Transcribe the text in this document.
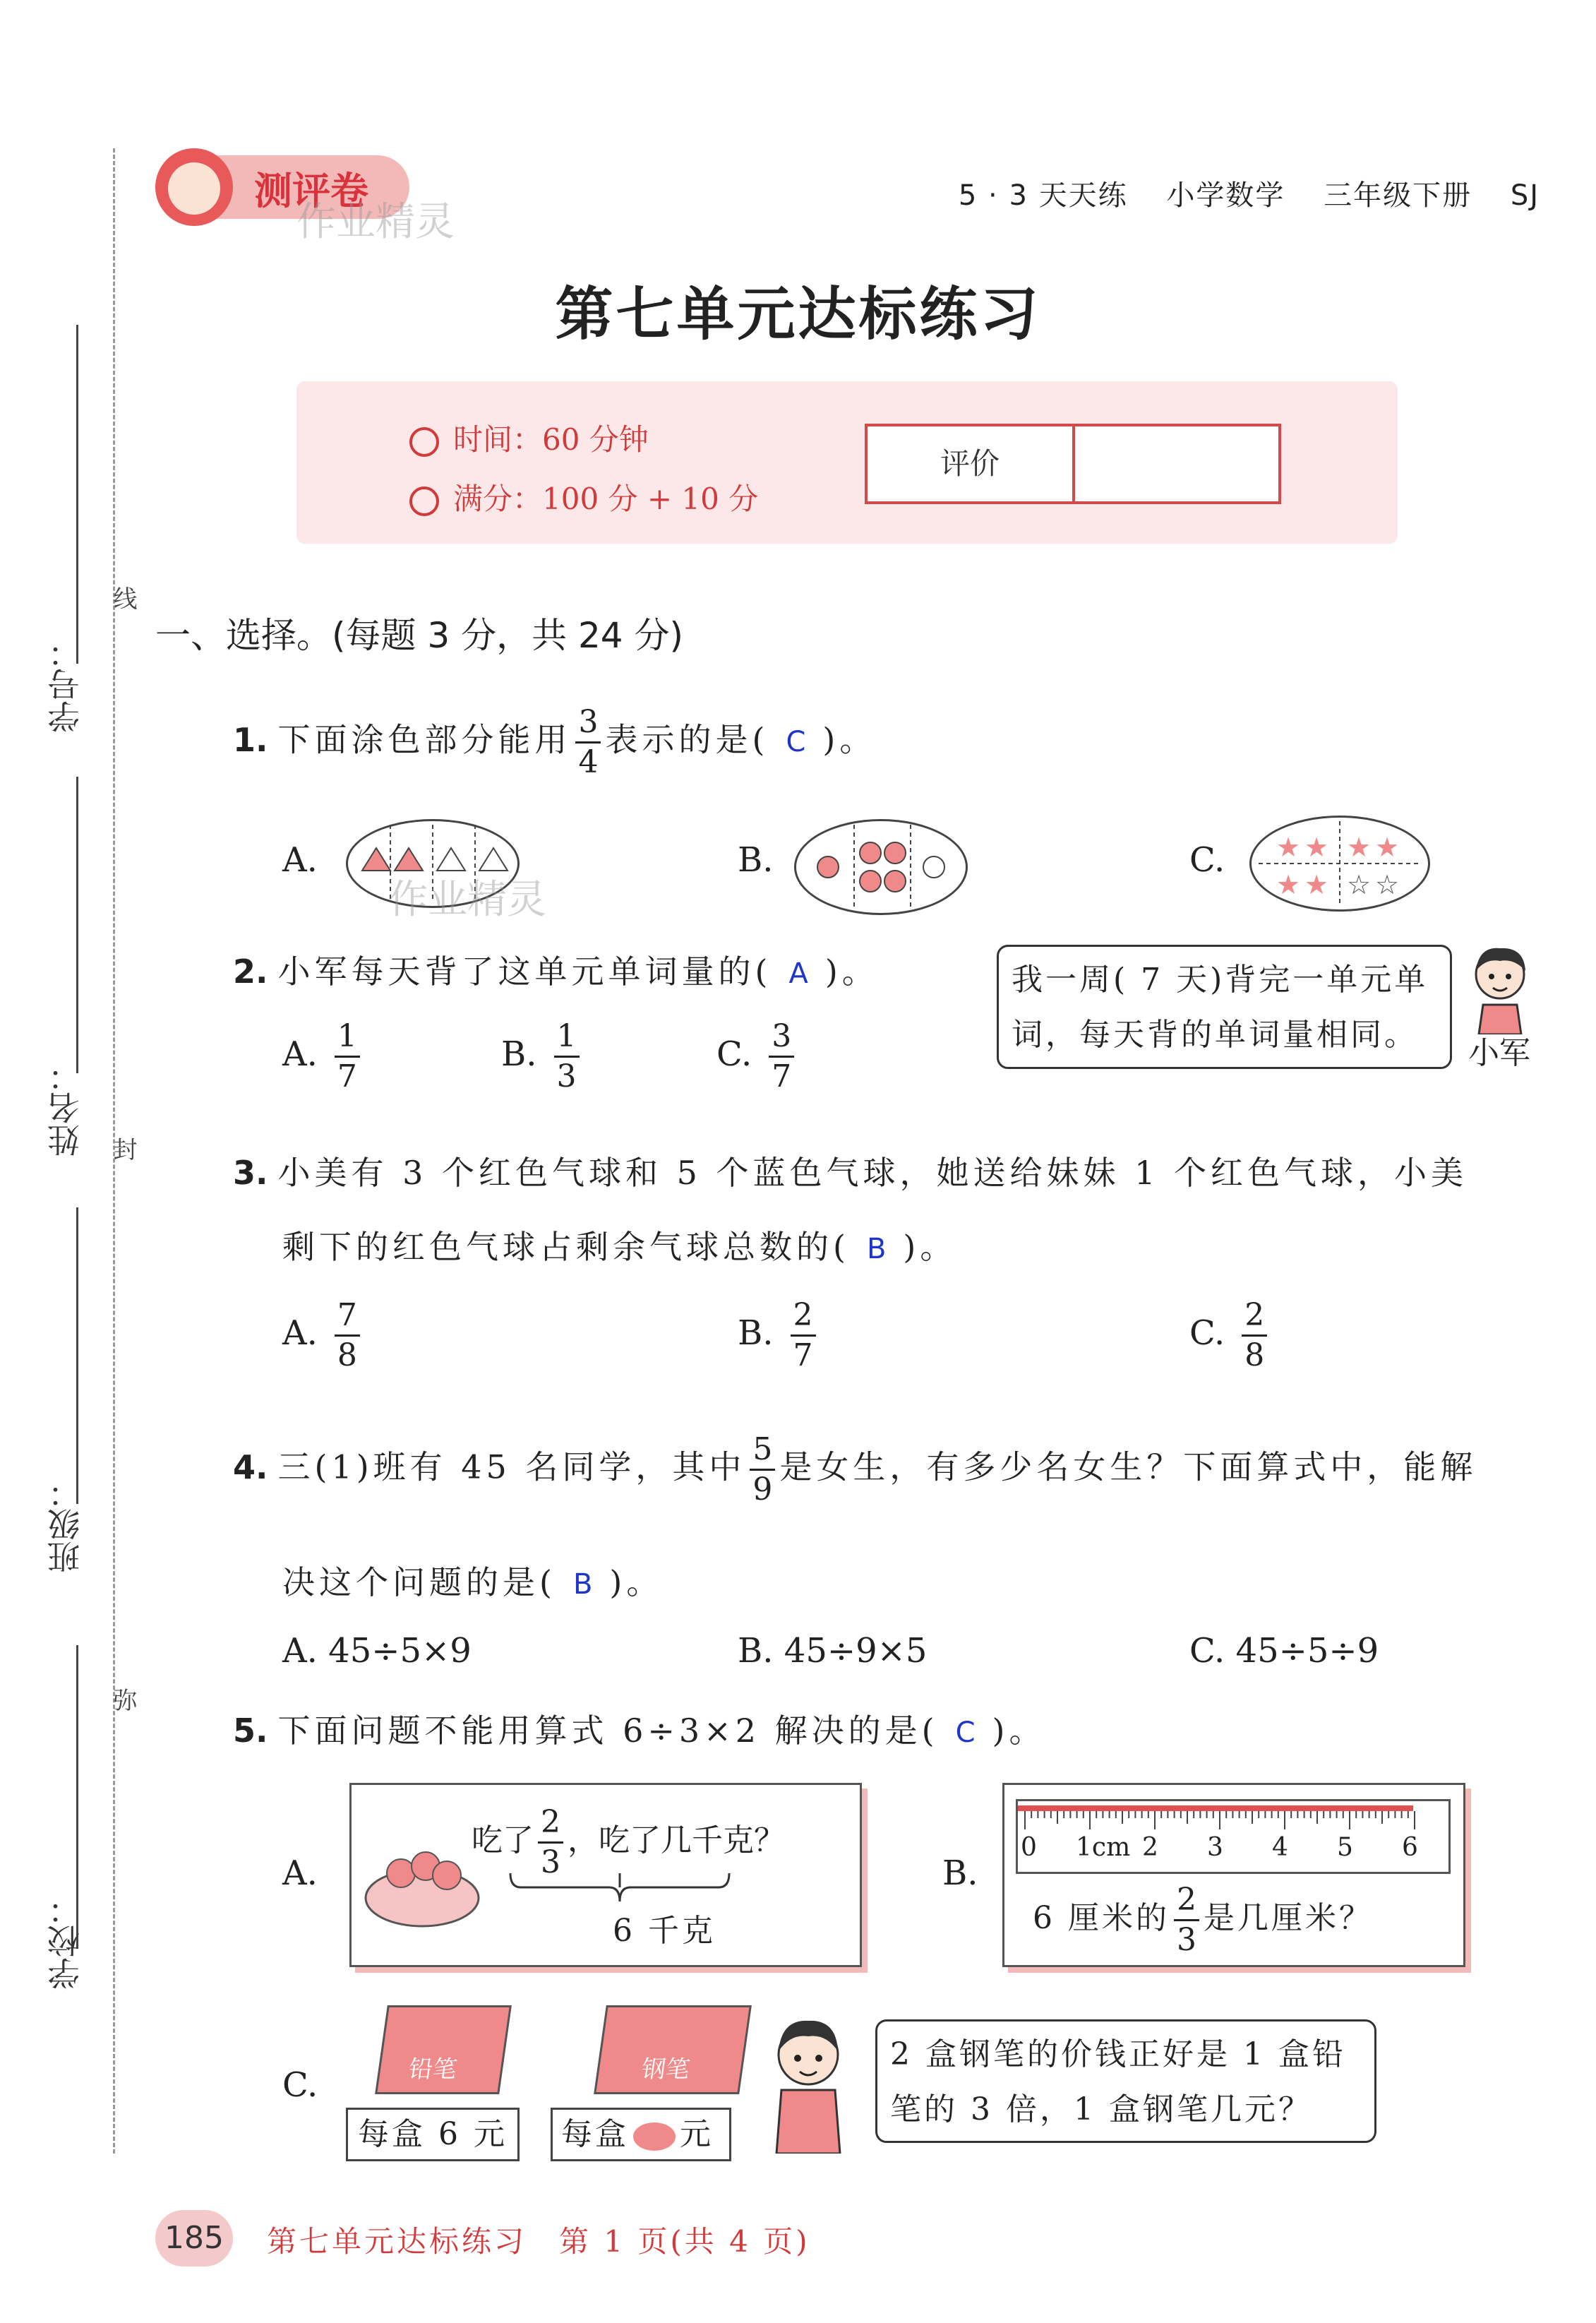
学号：
姓名：
班级：
学校：
线
封
弥
测评卷
作业精灵
5 · 3 天天练 小学数学 三年级下册 SJ
第七单元达标练习
时间：60 分钟
满分：100 分 + 10 分
评价
一、选择。(每题 3 分，共 24 分)
1. 下面涂色部分能用 $\frac{3}{4}$ 表示的是( C )。
A.	B.	C. ★ ★ ★ ★
★ ★ ☆ ☆
作业精灵
2. 小军每天背了这单元单词量的( A )。	我一周( 7 天)背完一单元单
词，每天背的单词量相同。
小军
A. $\frac{1}{7}$	B. $\frac{1}{3}$	C. $\frac{3}{7}$
3. 小美有 3 个红色气球和 5 个蓝色气球，她送给妹妹 1 个红色气球，小美
剩下的红色气球占剩余气球总数的( B )。
A. $\frac{7}{8}$	B. $\frac{2}{7}$	C. $\frac{2}{8}$
4. 三(1)班有 45 名同学，其中 $\frac{5}{9}$ 是女生，有多少名女生？下面算式中，能解
决这个问题的是( B )。
A. 45÷5×9	B. 45÷9×5	C. 45÷5÷9
5. 下面问题不能用算式 6÷3×2 解决的是( C )。
A.
吃了 $\frac{2}{3}$ ，吃了几千克？
6 千克
B.
0 1cm 2 3 4 5 6
6 厘米的 $\frac{2}{3}$ 是几厘米？
C.	铅笔
每盒 6 元
钢笔
每盒 元
2 盒钢笔的价钱正好是 1 盒铅
笔的 3 倍，1 盒钢笔几元？
185	第七单元达标练习　第 1 页(共 4 页)
